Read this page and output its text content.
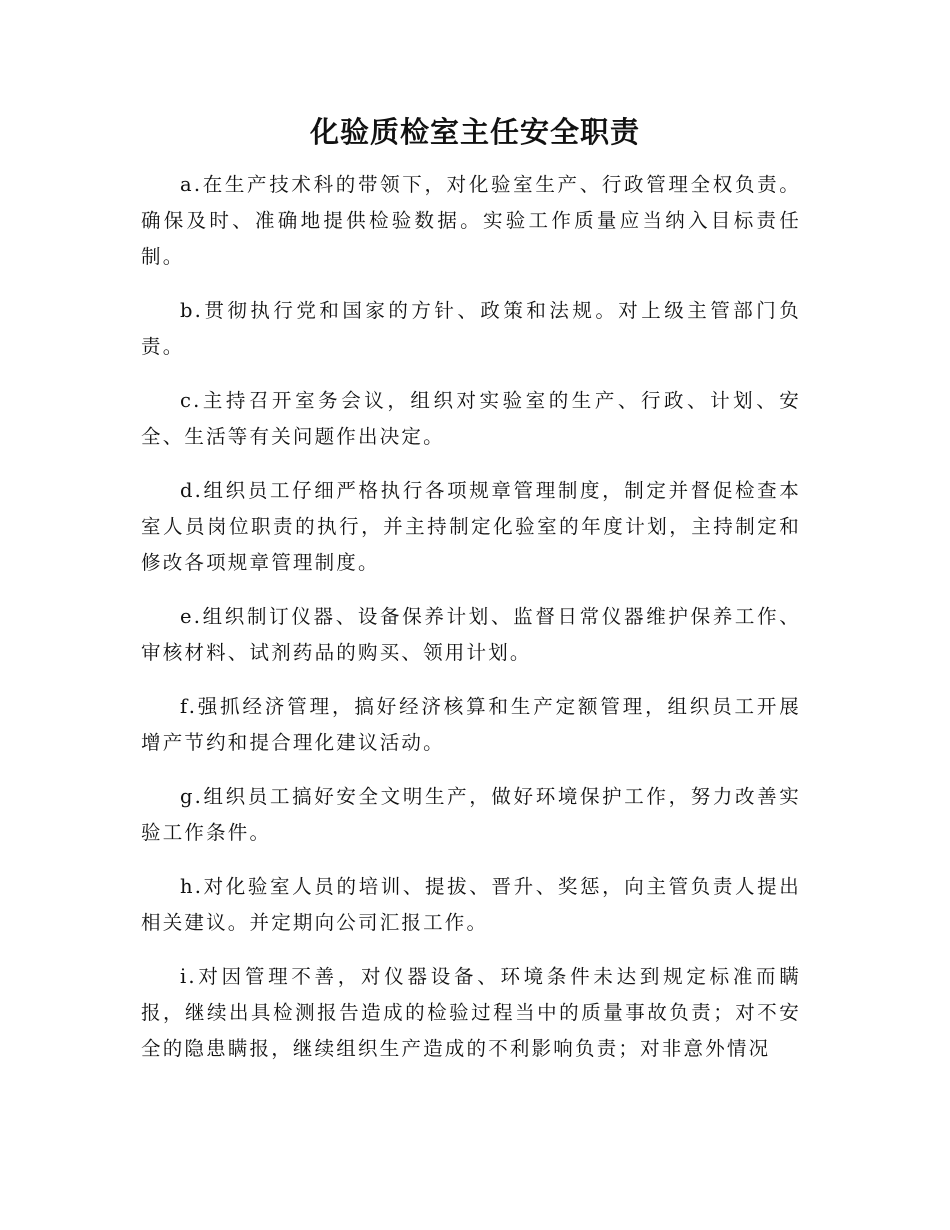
化验质检室主任安全职责

a.在生产技术科的带领下，对化验室生产、行政管理全权负责。确保及时、准确地提供检验数据。实验工作质量应当纳入目标责任制。

b.贯彻执行党和国家的方针、政策和法规。对上级主管部门负责。

c.主持召开室务会议，组织对实验室的生产、行政、计划、安全、生活等有关问题作出决定。

d.组织员工仔细严格执行各项规章管理制度，制定并督促检查本室人员岗位职责的执行，并主持制定化验室的年度计划，主持制定和修改各项规章管理制度。

e.组织制订仪器、设备保养计划、监督日常仪器维护保养工作、审核材料、试剂药品的购买、领用计划。

f.强抓经济管理，搞好经济核算和生产定额管理，组织员工开展增产节约和提合理化建议活动。

g.组织员工搞好安全文明生产，做好环境保护工作，努力改善实验工作条件。

h.对化验室人员的培训、提拔、晋升、奖惩，向主管负责人提出相关建议。并定期向公司汇报工作。

i.对因管理不善，对仪器设备、环境条件未达到规定标准而瞒报，继续出具检测报告造成的检验过程当中的质量事故负责；对不安全的隐患瞒报，继续组织生产造成的不利影响负责；对非意外情况
